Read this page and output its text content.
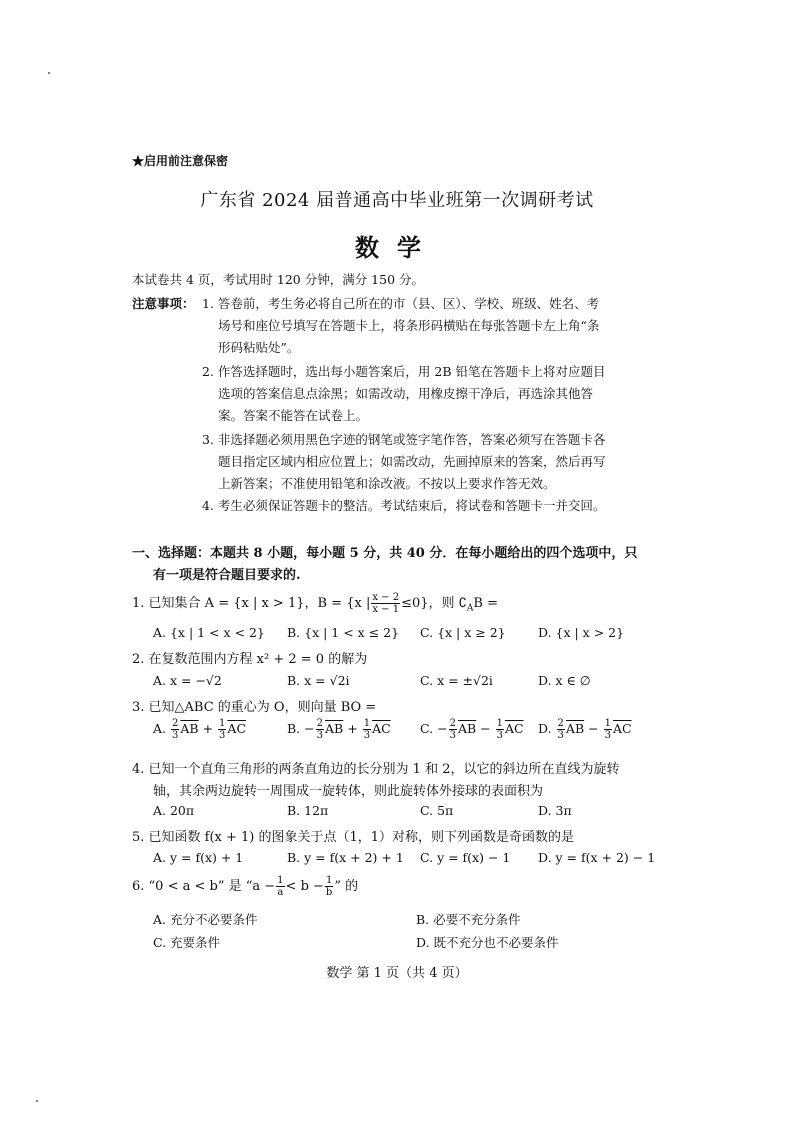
★启用前注意保密
广东省 2024 届普通高中毕业班第一次调研考试
数学
本试卷共 4 页，考试用时 120 分钟，满分 150 分。
注意事项： 1. 答卷前，考生务必将自己所在的市（县、区）、学校、班级、姓名、考
场号和座位号填写在答题卡上，将条形码横贴在每张答题卡左上角“条
形码粘贴处”。
2. 作答选择题时，选出每小题答案后，用 2B 铅笔在答题卡上将对应题目
选项的答案信息点涂黑；如需改动，用橡皮擦干净后，再选涂其他答
案。答案不能答在试卷上。
3. 非选择题必须用黑色字迹的钢笔或签字笔作答，答案必须写在答题卡各
题目指定区域内相应位置上；如需改动，先画掉原来的答案，然后再写
上新答案；不准使用铅笔和涂改液。不按以上要求作答无效。
4. 考生必须保证答题卡的整洁。考试结束后，将试卷和答题卡一并交回。
一、选择题：本题共 8 小题，每小题 5 分，共 40 分．在每小题给出的四个选项中，只
有一项是符合题目要求的.
1. 已知集合 A = {x | x > 1}，B = {x | $\frac{x - 2}{x - 1} \le 0$}，则 $∁_AB$ =
A. {x | 1 < x < 2} B. {x | 1 < x ≤ 2} C. {x | x ≥ 2}	D. {x | x > 2}
2. 在复数范围内方程 x² + 2 = 0 的解为
A. x = −√2	B. x = √2i	C. x = ±√2i	D. x ∈ ∅
3. 已知△ABC 的重心为 O，则向量 BO =
A. $\frac{2}{3} \overline{AB} + \frac{1}{3} \overline{AC}$	B. − $\frac{2}{3} \overline{AB} + \frac{1}{3} \overline{AC}$ C. − $\frac{2}{3} \overline{AB} - \frac{1}{3} \overline{AC}$ D. $\frac{2}{3} \overline{AB} - \frac{1}{3} \overline{AC}$
4. 已知一个直角三角形的两条直角边的长分别为 1 和 2，以它的斜边所在直线为旋转
轴，其余两边旋转一周围成一旋转体，则此旋转体外接球的表面积为
A. 20π	B. 12π	C. 5π	D. 3π
5. 已知函数 f(x + 1) 的图象关于点（1，1）对称，则下列函数是奇函数的是
A. y = f(x) + 1	B. y = f(x + 2) + 1 C. y = f(x) − 1 D. y = f(x + 2) − 1
6. “0 < a < b” 是 “$a - \frac{1}{a} < b - \frac{1}{b}$ ” 的
A. 充分不必要条件	B. 必要不充分条件
C. 充要条件	D. 既不充分也不必要条件
数学 第 1 页（共 4 页）
